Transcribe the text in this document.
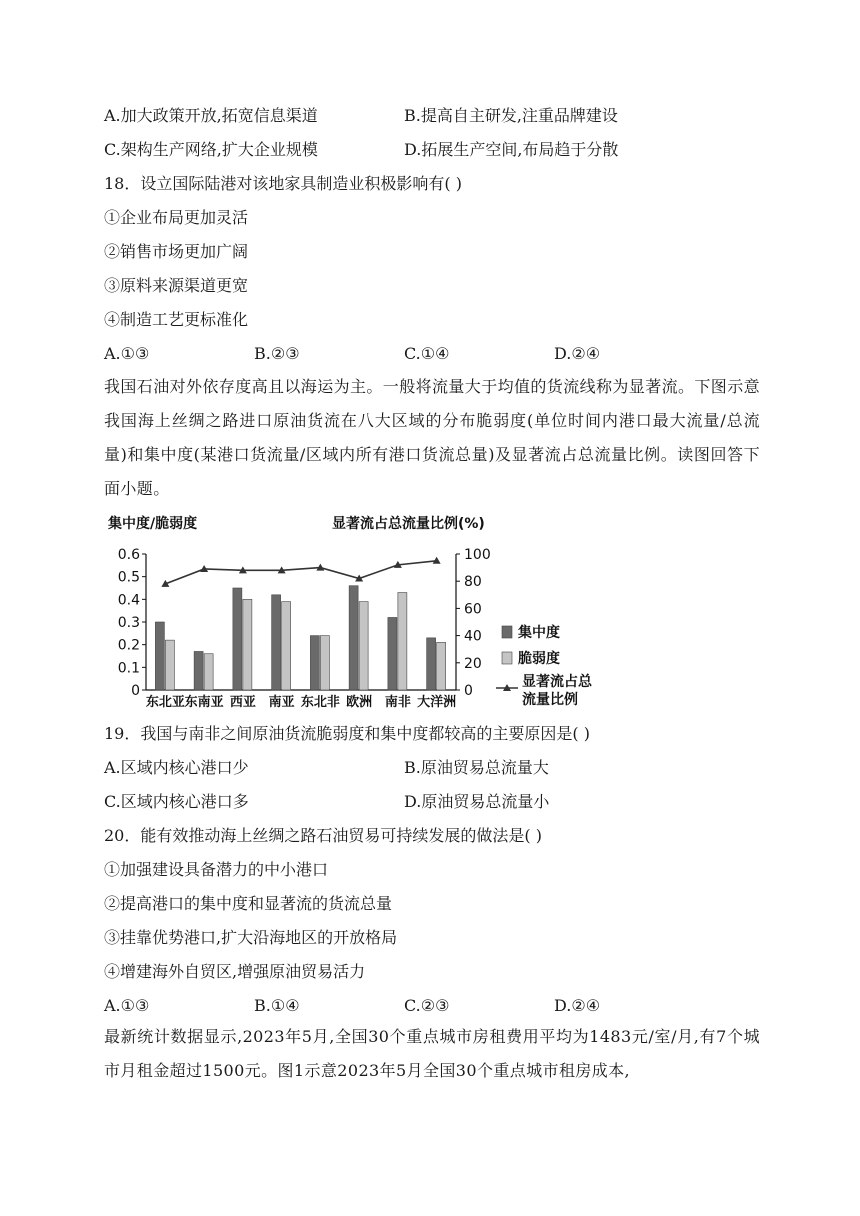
A.加大政策开放,拓宽信息渠道	B.提高自主研发,注重品牌建设
C.架构生产网络,扩大企业规模	D.拓展生产空间,布局趋于分散
18．设立国际陆港对该地家具制造业积极影响有( )
①企业布局更加灵活
②销售市场更加广阔
③原料来源渠道更宽
④制造工艺更标准化
A.①③	B.②③	C.①④	D.②④
我国石油对外依存度高且以海运为主。一般将流量大于均值的货流线称为显著流。下图示意我国海上丝绸之路进口原油货流在八大区域的分布脆弱度(单位时间内港口最大流量/总流量)和集中度(某港口货流量/区域内所有港口货流总量)及显著流占总流量比例。读图回答下面小题。
集中度/脆弱度	显著流占总流量比例(%)
0
0.1
0.2
0.3
0.4
0.5
0.6
0
20
40
60
80
100
东北亚 东南亚 西亚 南亚 东北非 欧洲 南非 大洋洲
集中度
脆弱度
显著流占总
流量比例
19．我国与南非之间原油货流脆弱度和集中度都较高的主要原因是( )
A.区域内核心港口少	B.原油贸易总流量大
C.区域内核心港口多	D.原油贸易总流量小
20．能有效推动海上丝绸之路石油贸易可持续发展的做法是( )
①加强建设具备潜力的中小港口
②提高港口的集中度和显著流的货流总量
③挂靠优势港口,扩大沿海地区的开放格局
④增建海外自贸区,增强原油贸易活力
A.①③	B.①④	C.②③	D.②④
最新统计数据显示,2023年5月,全国30个重点城市房租费用平均为1483元/室/月,有7个城市月租金超过1500元。图1示意2023年5月全国30个重点城市租房成本,
